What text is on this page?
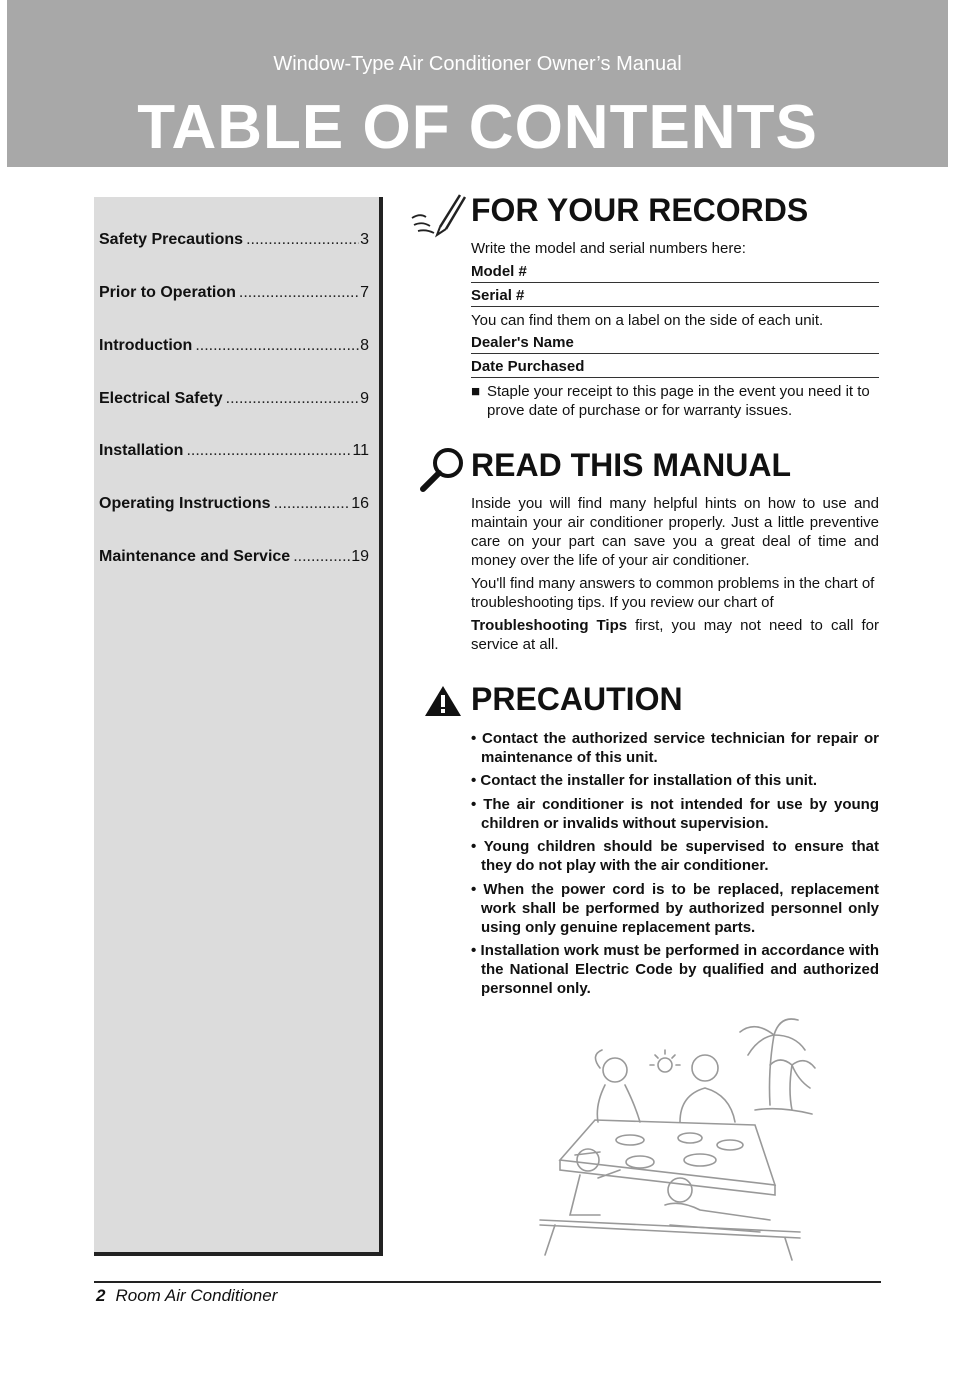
Window-Type Air Conditioner Owner’s Manual
TABLE OF CONTENTS
Safety Precautions .....	3
Prior to Operation .....	7
Introduction .....	8
Electrical Safety .....	9
Installation .....	11
Operating Instructions .....	16
Maintenance and Service .....	19
FOR YOUR RECORDS
Write the model and serial numbers here:
Model #
Serial #
You can find them on a label on the side of each unit.
Dealer's Name
Date Purchased
■ Staple your receipt to this page in the event you need it to prove date of purchase or for warranty issues.
READ THIS MANUAL
Inside you will find many helpful hints on how to use and maintain your air conditioner properly. Just a little preventive care on your part can save you a great deal of time and money over the life of your air conditioner.
You'll find many answers to common problems in the chart of troubleshooting tips. If you review our chart of
Troubleshooting Tips first, you may not need to call for service at all.
PRECAUTION
• Contact the authorized service technician for repair or maintenance of this unit.
• Contact the installer for installation of this unit.
• The air conditioner is not intended for use by young children or invalids without supervision.
• Young children should be supervised to ensure that they do not play with the air conditioner.
• When the power cord is to be replaced, replacement work shall be performed by authorized personnel only using only genuine replacement parts.
• Installation work must be performed in accordance with the National Electric Code by qualified and authorized personnel only.
2 Room Air Conditioner
